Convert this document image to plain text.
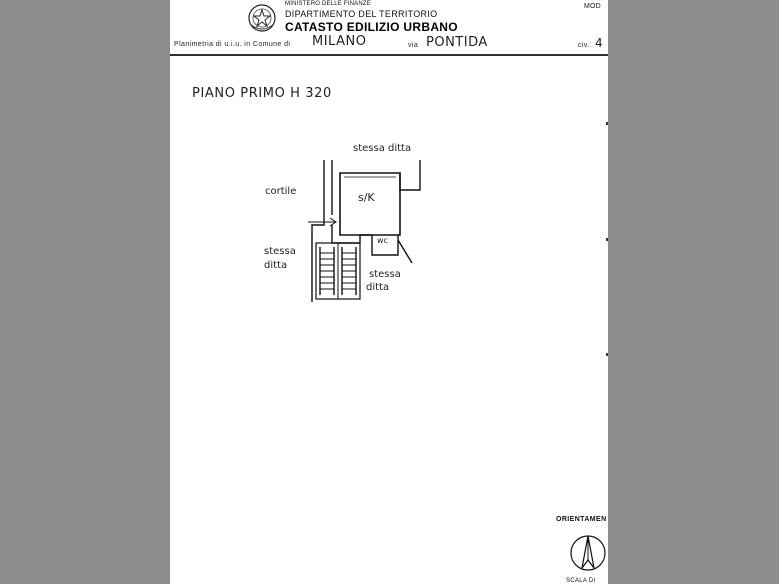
MINISTERO DELLE FINANZE
DIPARTIMENTO DEL TERRITORIO
CATASTO EDILIZIO URBANO
MOD
Planimetria di u.i.u. in Comune di MILANO	via PONTIDA	civ. 4
PIANO PRIMO H 320
stessa ditta
cortile	s/K
wc
stessa
ditta
stessa
ditta
ORIENTAMEN
SCALA DI
